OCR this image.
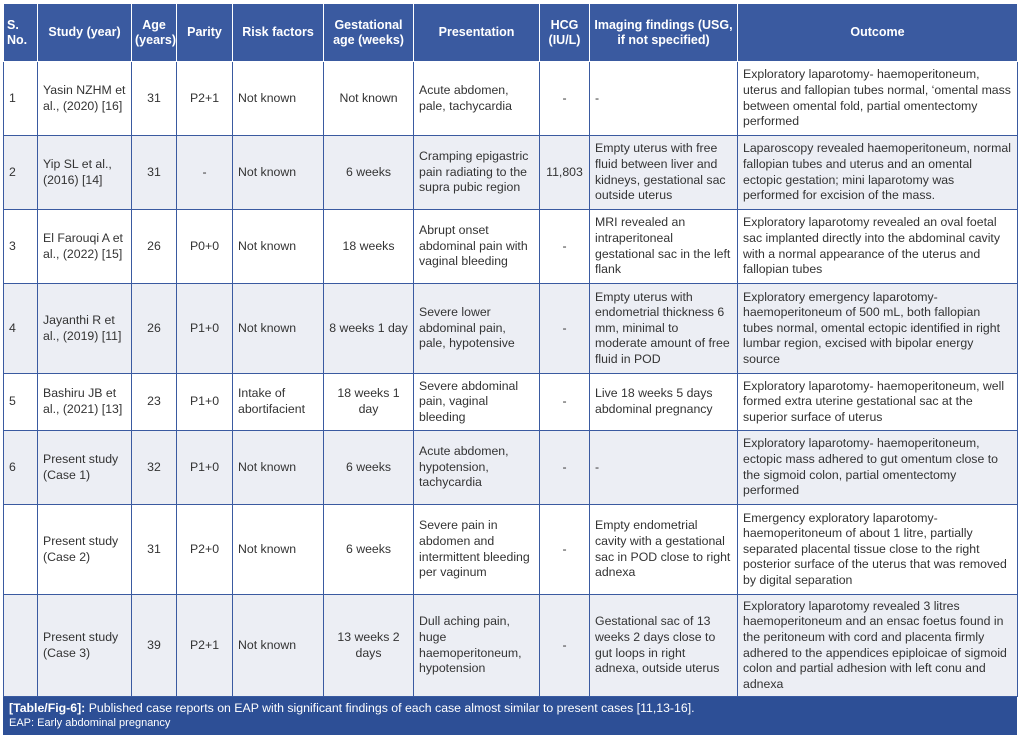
S. No.	Study (year)	Age (years)	Parity	Risk factors	Gestational age (weeks)	Presentation	HCG (IU/L)	Imaging findings (USG, if not specified)	Outcome
1	Yasin NZHM et al., (2020) [16]	31	P2+1	Not known	Not known	Acute abdomen, pale, tachycardia	-	-	Exploratory laparotomy- haemoperitoneum, uterus and fallopian tubes normal, ‘omental mass between omental fold, partial omentectomy performed
2	Yip SL et al., (2016) [14]	31	-	Not known	6 weeks	Cramping epigastric pain radiating to the supra pubic region	11,803	Empty uterus with free fluid between liver and kidneys, gestational sac outside uterus	Laparoscopy revealed haemoperitoneum, normal fallopian tubes and uterus and an omental ectopic gestation; mini laparotomy was performed for excision of the mass.
3	El Farouqi A et al., (2022) [15]	26	P0+0	Not known	18 weeks	Abrupt onset abdominal pain with vaginal bleeding	-	MRI revealed an intraperitoneal gestational sac in the left flank	Exploratory laparotomy revealed an oval foetal sac implanted directly into the abdominal cavity with a normal appearance of the uterus and fallopian tubes
4	Jayanthi R et al., (2019) [11]	26	P1+0	Not known	8 weeks 1 day	Severe lower abdominal pain, pale, hypotensive	-	Empty uterus with endometrial thickness 6 mm, minimal to moderate amount of free fluid in POD	Exploratory emergency laparotomy- haemoperitoneum of 500 mL, both fallopian tubes normal, omental ectopic identified in right lumbar region, excised with bipolar energy source
5	Bashiru JB et al., (2021) [13]	23	P1+0	Intake of abortifacient	18 weeks 1 day	Severe abdominal pain, vaginal bleeding	-	Live 18 weeks 5 days abdominal pregnancy	Exploratory laparotomy- haemoperitoneum, well formed extra uterine gestational sac at the superior surface of uterus
6	Present study (Case 1)	32	P1+0	Not known	6 weeks	Acute abdomen, hypotension, tachycardia	-	-	Exploratory laparotomy- haemoperitoneum, ectopic mass adhered to gut omentum close to the sigmoid colon, partial omentectomy performed
	Present study (Case 2)	31	P2+0	Not known	6 weeks	Severe pain in abdomen and intermittent bleeding per vaginum	-	Empty endometrial cavity with a gestational sac in POD close to right adnexa	Emergency exploratory laparotomy- haemoperitoneum of about 1 litre, partially separated placental tissue close to the right posterior surface of the uterus that was removed by digital separation
	Present study (Case 3)	39	P2+1	Not known	13 weeks 2 days	Dull aching pain, huge haemoperitoneum, hypotension	-	Gestational sac of 13 weeks 2 days close to gut loops in right adnexa, outside uterus	Exploratory laparotomy revealed 3 litres haemoperitoneum and an ensac foetus found in the peritoneum with cord and placenta firmly adhered to the appendices epiploicae of sigmoid colon and partial adhesion with left conu and adnexa
[Table/Fig-6]: Published case reports on EAP with significant findings of each case almost similar to present cases [11,13-16].
EAP: Early abdominal pregnancy
